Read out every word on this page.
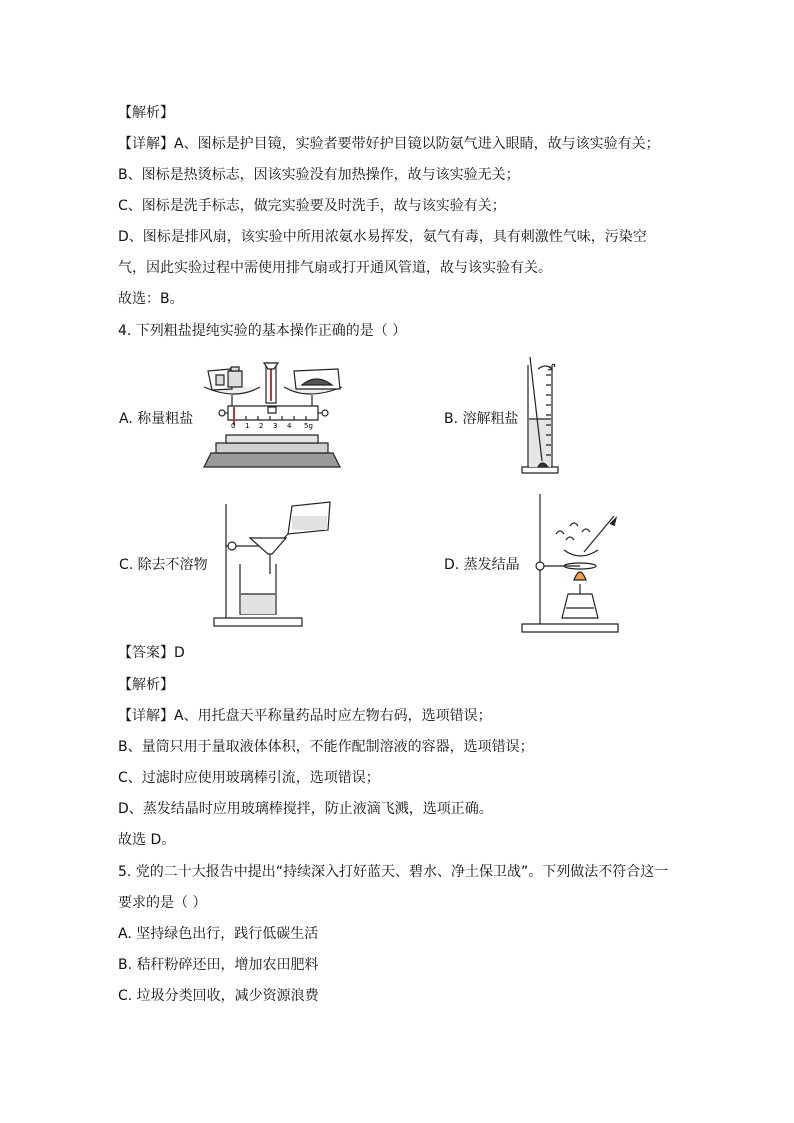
【解析】
【详解】A、图标是护目镜，实验者要带好护目镜以防氨气进入眼睛，故与该实验有关；
B、图标是热烫标志，因该实验没有加热操作，故与该实验无关；
C、图标是洗手标志，做完实验要及时洗手，故与该实验有关；
D、图标是排风扇，该实验中所用浓氨水易挥发，氨气有毒，具有刺激性气味，污染空
气，因此实验过程中需使用排气扇或打开通风管道，故与该实验有关。
故选：B。
4. 下列粗盐提纯实验的基本操作正确的是（ ）
A. 称量粗盐	B. 溶解粗盐
C. 除去不溶物	D. 蒸发结晶
0 1 2 3 4 5g
【答案】D
【解析】
【详解】A、用托盘天平称量药品时应左物右码，选项错误；
B、量筒只用于量取液体体积，不能作配制溶液的容器，选项错误；
C、过滤时应使用玻璃棒引流，选项错误；
D、蒸发结晶时应用玻璃棒搅拌，防止液滴飞溅，选项正确。
故选 D。
5. 党的二十大报告中提出“持续深入打好蓝天、碧水、净土保卫战”。下列做法不符合这一
要求的是（ ）
A. 坚持绿色出行，践行低碳生活
B. 秸秆粉碎还田，增加农田肥料
C. 垃圾分类回收，减少资源浪费
